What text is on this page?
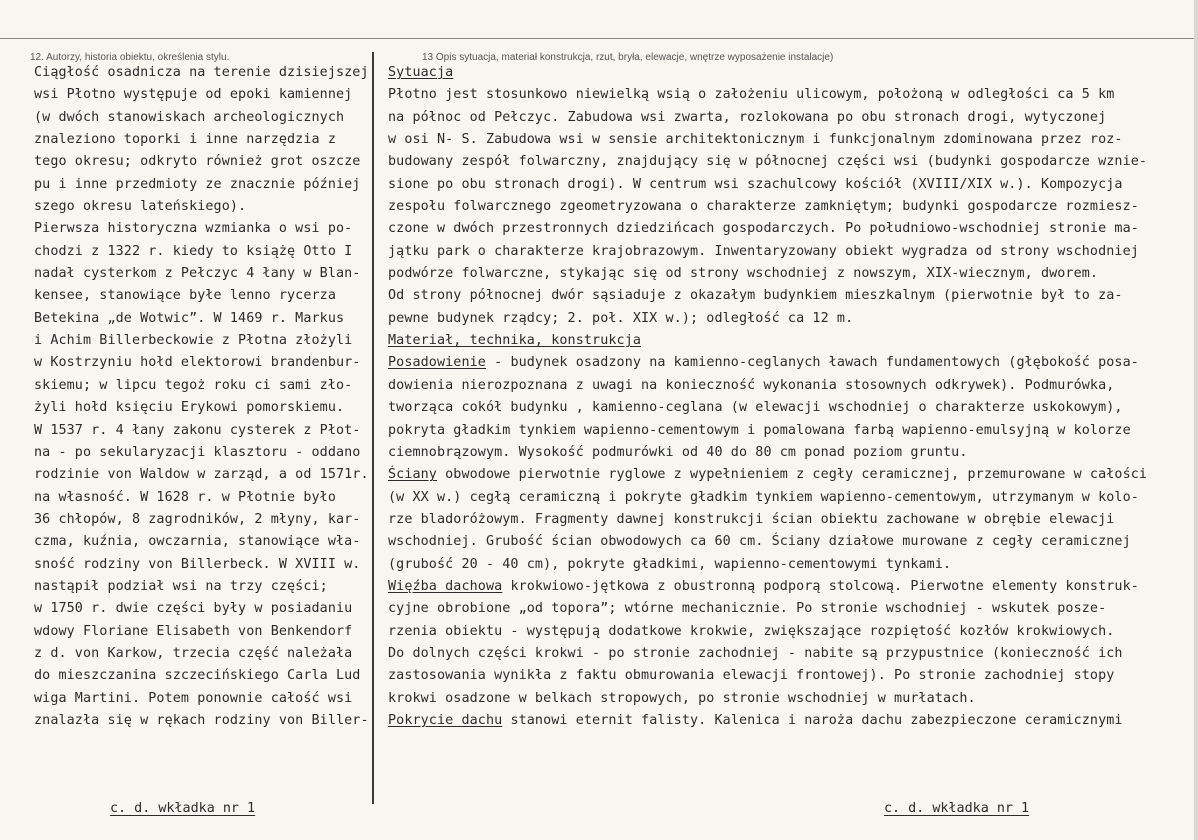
12. Autorzy, historia obiektu, określenia stylu.	13 Opis sytuacja, materiał konstrukcja, rzut, bryła, elewacje, wnętrze wyposażenie instalacje)
Ciągłość osadnicza na terenie dzisiejszej
wsi Płotno występuje od epoki kamiennej
(w dwóch stanowiskach archeologicznych
znaleziono toporki i inne narzędzia z
tego okresu; odkryto również grot oszcze
pu i inne przedmioty ze znacznie później
szego okresu lateńskiego).
Pierwsza historyczna wzmianka o wsi po-
chodzi z 1322 r. kiedy to książę Otto I
nadał cysterkom z Pełczyc 4 łany w Blan-
kensee, stanowiące byłe lenno rycerza
Betekina „de Wotwic”. W 1469 r. Markus
i Achim Billerbeckowie z Płotna złożyli
w Kostrzyniu hołd elektorowi brandenbur-
skiemu; w lipcu tegoż roku ci sami zło-
żyli hołd księciu Erykowi pomorskiemu.
W 1537 r. 4 łany zakonu cysterek z Płot-
na - po sekularyzacji klasztoru - oddano
rodzinie von Waldow w zarząd, a od 1571r.
na własność. W 1628 r. w Płotnie było
36 chłopów, 8 zagrodników, 2 młyny, kar-
czma, kuźnia, owczarnia, stanowiące wła-
sność rodziny von Billerbeck. W XVIII w.
nastąpił podział wsi na trzy części;
w 1750 r. dwie części były w posiadaniu
wdowy Floriane Elisabeth von Benkendorf
z d. von Karkow, trzecia część należała
do mieszczanina szczecińskiego Carla Lud
wiga Martini. Potem ponownie całość wsi
znalazła się w rękach rodziny von Biller-
Sytuacja
Płotno jest stosunkowo niewielką wsią o założeniu ulicowym, położoną w odległości ca 5 km
na północ od Pełczyc. Zabudowa wsi zwarta, rozlokowana po obu stronach drogi, wytyczonej
w osi N- S. Zabudowa wsi w sensie architektonicznym i funkcjonalnym zdominowana przez roz-
budowany zespół folwarczny, znajdujący się w północnej części wsi (budynki gospodarcze wznie-
sione po obu stronach drogi). W centrum wsi szachulcowy kościół (XVIII/XIX w.). Kompozycja
zespołu folwarcznego zgeometryzowana o charakterze zamkniętym; budynki gospodarcze rozmiesz-
czone w dwóch przestronnych dziedzińcach gospodarczych. Po południowo-wschodniej stronie ma-
jątku park o charakterze krajobrazowym. Inwentaryzowany obiekt wygradza od strony wschodniej
podwórze folwarczne, stykając się od strony wschodniej z nowszym, XIX-wiecznym, dworem.
Od strony północnej dwór sąsiaduje z okazałym budynkiem mieszkalnym (pierwotnie był to za-
pewne budynek rządcy; 2. poł. XIX w.); odległość ca 12 m.
Materiał, technika, konstrukcja
Posadowienie - budynek osadzony na kamienno-ceglanych ławach fundamentowych (głębokość posa-
dowienia nierozpoznana z uwagi na konieczność wykonania stosownych odkrywek). Podmurówka,
tworząca cokół budynku , kamienno-ceglana (w elewacji wschodniej o charakterze uskokowym),
pokryta gładkim tynkiem wapienno-cementowym i pomalowana farbą wapienno-emulsyjną w kolorze
ciemnobrązowym. Wysokość podmurówki od 40 do 80 cm ponad poziom gruntu.
Ściany obwodowe pierwotnie ryglowe z wypełnieniem z cegły ceramicznej, przemurowane w całości
(w XX w.) cegłą ceramiczną i pokryte gładkim tynkiem wapienno-cementowym, utrzymanym w kolo-
rze bladoróżowym. Fragmenty dawnej konstrukcji ścian obiektu zachowane w obrębie elewacji
wschodniej. Grubość ścian obwodowych ca 60 cm. Ściany działowe murowane z cegły ceramicznej
(grubość 20 - 40 cm), pokryte gładkimi, wapienno-cementowymi tynkami.
Więźba dachowa krokwiowo-jętkowa z obustronną podporą stolcową. Pierwotne elementy konstruk-
cyjne obrobione „od topora”; wtórne mechanicznie. Po stronie wschodniej - wskutek posze-
rzenia obiektu - występują dodatkowe krokwie, zwiększające rozpiętość kozłów krokwiowych.
Do dolnych części krokwi - po stronie zachodniej - nabite są przypustnice (konieczność ich
zastosowania wynikła z faktu obmurowania elewacji frontowej). Po stronie zachodniej stopy
krokwi osadzone w belkach stropowych, po stronie wschodniej w murłatach.
Pokrycie dachu stanowi eternit falisty. Kalenica i naroża dachu zabezpieczone ceramicznymi
c. d. wkładka nr 1	c. d. wkładka nr 1
